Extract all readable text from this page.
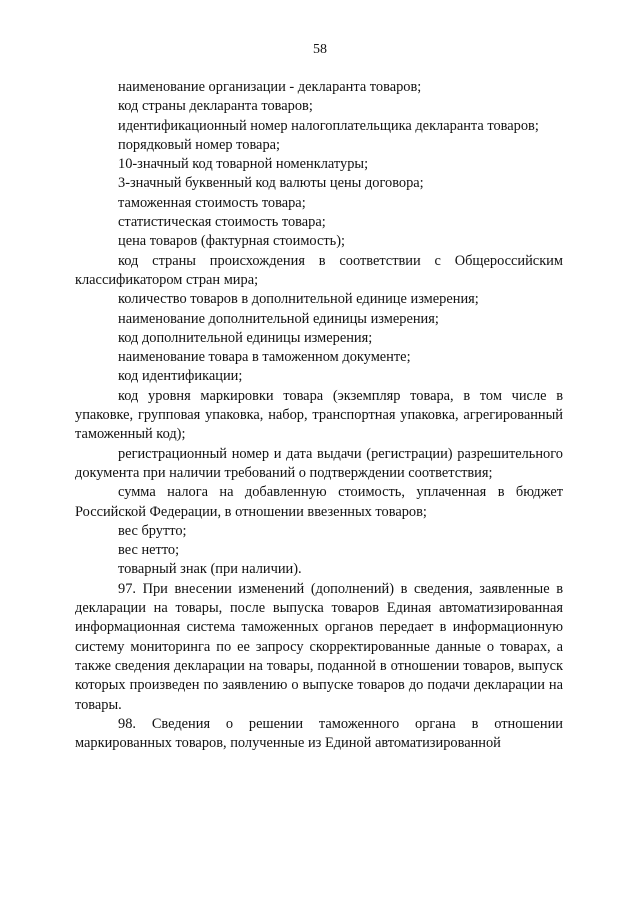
58

наименование организации - декларанта товаров;

код страны декларанта товаров;

идентификационный номер налогоплательщика декларанта товаров;

порядковый номер товара;

10-значный код товарной номенклатуры;

3-значный буквенный код валюты цены договора;

таможенная стоимость товара;

статистическая стоимость товара;

цена товаров (фактурная стоимость);

код страны происхождения в соответствии с Общероссийским классификатором стран мира;

количество товаров в дополнительной единице измерения;

наименование дополнительной единицы измерения;

код дополнительной единицы измерения;

наименование товара в таможенном документе;

код идентификации;

код уровня маркировки товара (экземпляр товара, в том числе в упаковке, групповая упаковка, набор, транспортная упаковка, агрегированный таможенный код);

регистрационный номер и дата выдачи (регистрации) разрешительного документа при наличии требований о подтверждении соответствия;

сумма налога на добавленную стоимость, уплаченная в бюджет Российской Федерации, в отношении ввезенных товаров;

вес брутто;

вес нетто;

товарный знак (при наличии).

97. При внесении изменений (дополнений) в сведения, заявленные в декларации на товары, после выпуска товаров Единая автоматизированная информационная система таможенных органов передает в информационную систему мониторинга по ее запросу скорректированные данные о товарах, а также сведения декларации на товары, поданной в отношении товаров, выпуск которых произведен по заявлению о выпуске товаров до подачи декларации на товары.

98. Сведения о решении таможенного органа в отношении маркированных товаров, полученные из Единой автоматизированной
